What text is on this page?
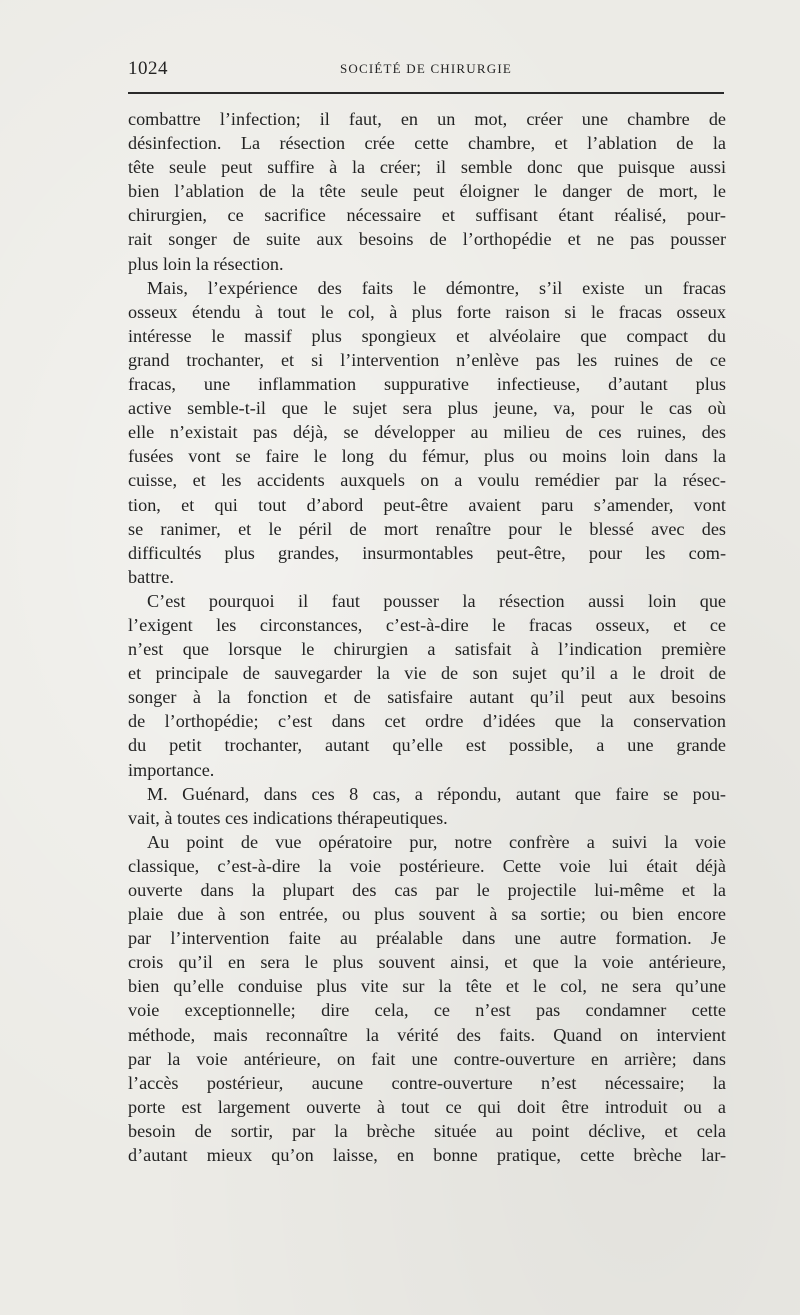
1024	SOCIÉTÉ DE CHIRURGIE
combattre l’infection; il faut, en un mot, créer une chambre de
désinfection. La résection crée cette chambre, et l’ablation de la
tête seule peut suffire à la créer; il semble donc que puisque aussi
bien l’ablation de la tête seule peut éloigner le danger de mort, le
chirurgien, ce sacrifice nécessaire et suffisant étant réalisé, pour-
rait songer de suite aux besoins de l’orthopédie et ne pas pousser
plus loin la résection.
Mais, l’expérience des faits le démontre, s’il existe un fracas
osseux étendu à tout le col, à plus forte raison si le fracas osseux
intéresse le massif plus spongieux et alvéolaire que compact du
grand trochanter, et si l’intervention n’enlève pas les ruines de ce
fracas, une inflammation suppurative infectieuse, d’autant plus
active semble-t-il que le sujet sera plus jeune, va, pour le cas où
elle n’existait pas déjà, se développer au milieu de ces ruines, des
fusées vont se faire le long du fémur, plus ou moins loin dans la
cuisse, et les accidents auxquels on a voulu remédier par la résec-
tion, et qui tout d’abord peut-être avaient paru s’amender, vont
se ranimer, et le péril de mort renaître pour le blessé avec des
difficultés plus grandes, insurmontables peut-être, pour les com-
battre.
C’est pourquoi il faut pousser la résection aussi loin que
l’exigent les circonstances, c’est-à-dire le fracas osseux, et ce
n’est que lorsque le chirurgien a satisfait à l’indication première
et principale de sauvegarder la vie de son sujet qu’il a le droit de
songer à la fonction et de satisfaire autant qu’il peut aux besoins
de l’orthopédie; c’est dans cet ordre d’idées que la conservation
du petit trochanter, autant qu’elle est possible, a une grande
importance.
M. Guénard, dans ces 8 cas, a répondu, autant que faire se pou-
vait, à toutes ces indications thérapeutiques.
Au point de vue opératoire pur, notre confrère a suivi la voie
classique, c’est-à-dire la voie postérieure. Cette voie lui était déjà
ouverte dans la plupart des cas par le projectile lui-même et la
plaie due à son entrée, ou plus souvent à sa sortie; ou bien encore
par l’intervention faite au préalable dans une autre formation. Je
crois qu’il en sera le plus souvent ainsi, et que la voie antérieure,
bien qu’elle conduise plus vite sur la tête et le col, ne sera qu’une
voie exceptionnelle; dire cela, ce n’est pas condamner cette
méthode, mais reconnaître la vérité des faits. Quand on intervient
par la voie antérieure, on fait une contre-ouverture en arrière; dans
l’accès postérieur, aucune contre-ouverture n’est nécessaire; la
porte est largement ouverte à tout ce qui doit être introduit ou a
besoin de sortir, par la brèche située au point déclive, et cela
d’autant mieux qu’on laisse, en bonne pratique, cette brèche lar-
